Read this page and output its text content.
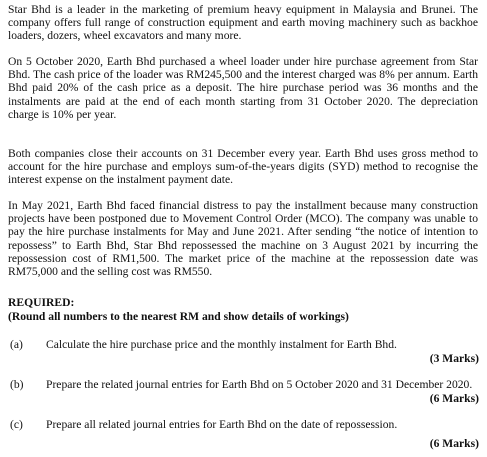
Star Bhd is a leader in the marketing of premium heavy equipment in Malaysia and Brunei. The company offers full range of construction equipment and earth moving machinery such as backhoe loaders, dozers, wheel excavators and many more.

On 5 October 2020, Earth Bhd purchased a wheel loader under hire purchase agreement from Star Bhd. The cash price of the loader was RM245,500 and the interest charged was 8% per annum. Earth Bhd paid 20% of the cash price as a deposit. The hire purchase period was 36 months and the instalments are paid at the end of each month starting from 31 October 2020. The depreciation charge is 10% per year.

Both companies close their accounts on 31 December every year. Earth Bhd uses gross method to account for the hire purchase and employs sum-of-the-years digits (SYD) method to recognise the interest expense on the instalment payment date.

In May 2021, Earth Bhd faced financial distress to pay the installment because many construction projects have been postponed due to Movement Control Order (MCO). The company was unable to pay the hire purchase instalments for May and June 2021. After sending “the notice of intention to repossess” to Earth Bhd, Star Bhd repossessed the machine on 3 August 2021 by incurring the repossession cost of RM1,500. The market price of the machine at the repossession date was RM75,000 and the selling cost was RM550.

REQUIRED:

(Round all numbers to the nearest RM and show details of workings)

(a) Calculate the hire purchase price and the monthly instalment for Earth Bhd.
(3 Marks)
(b) Prepare the related journal entries for Earth Bhd on 5 October 2020 and 31 December 2020.
(6 Marks)
(c) Prepare all related journal entries for Earth Bhd on the date of repossession.
(6 Marks)
